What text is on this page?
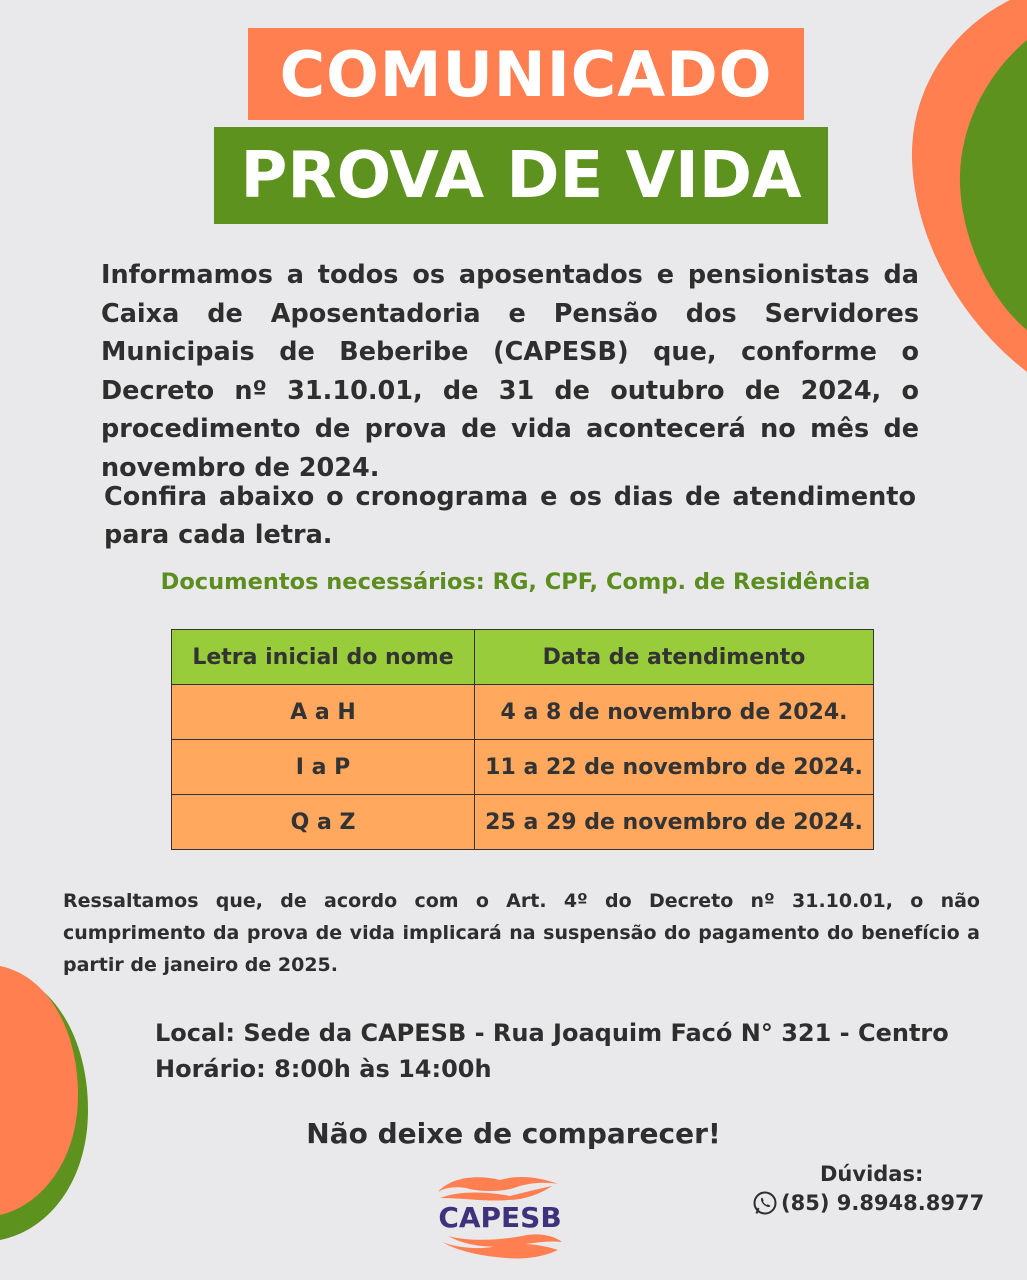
COMUNICADO
PROVA DE VIDA
Informamos a todos os aposentados e pensionistas da Caixa de Aposentadoria e Pensão dos Servidores Municipais de Beberibe (CAPESB) que, conforme o Decreto nº 31.10.01, de 31 de outubro de 2024, o procedimento de prova de vida acontecerá no mês de novembro de 2024.
Confira abaixo o cronograma e os dias de atendimento para cada letra.
Documentos necessários: RG, CPF, Comp. de Residência
Letra inicial do nome	Data de atendimento
A a H	4 a 8 de novembro de 2024.
I a P	11 a 22 de novembro de 2024.
Q a Z	25 a 29 de novembro de 2024.
Ressaltamos que, de acordo com o Art. 4º do Decreto nº 31.10.01, o não cumprimento da prova de vida implicará na suspensão do pagamento do benefício a partir de janeiro de 2025.
Local: Sede da CAPESB - Rua Joaquim Facó N° 321 - Centro
Horário: 8:00h às 14:00h
Não deixe de comparecer!
CAPESB
Dúvidas:
(85) 9.8948.8977
